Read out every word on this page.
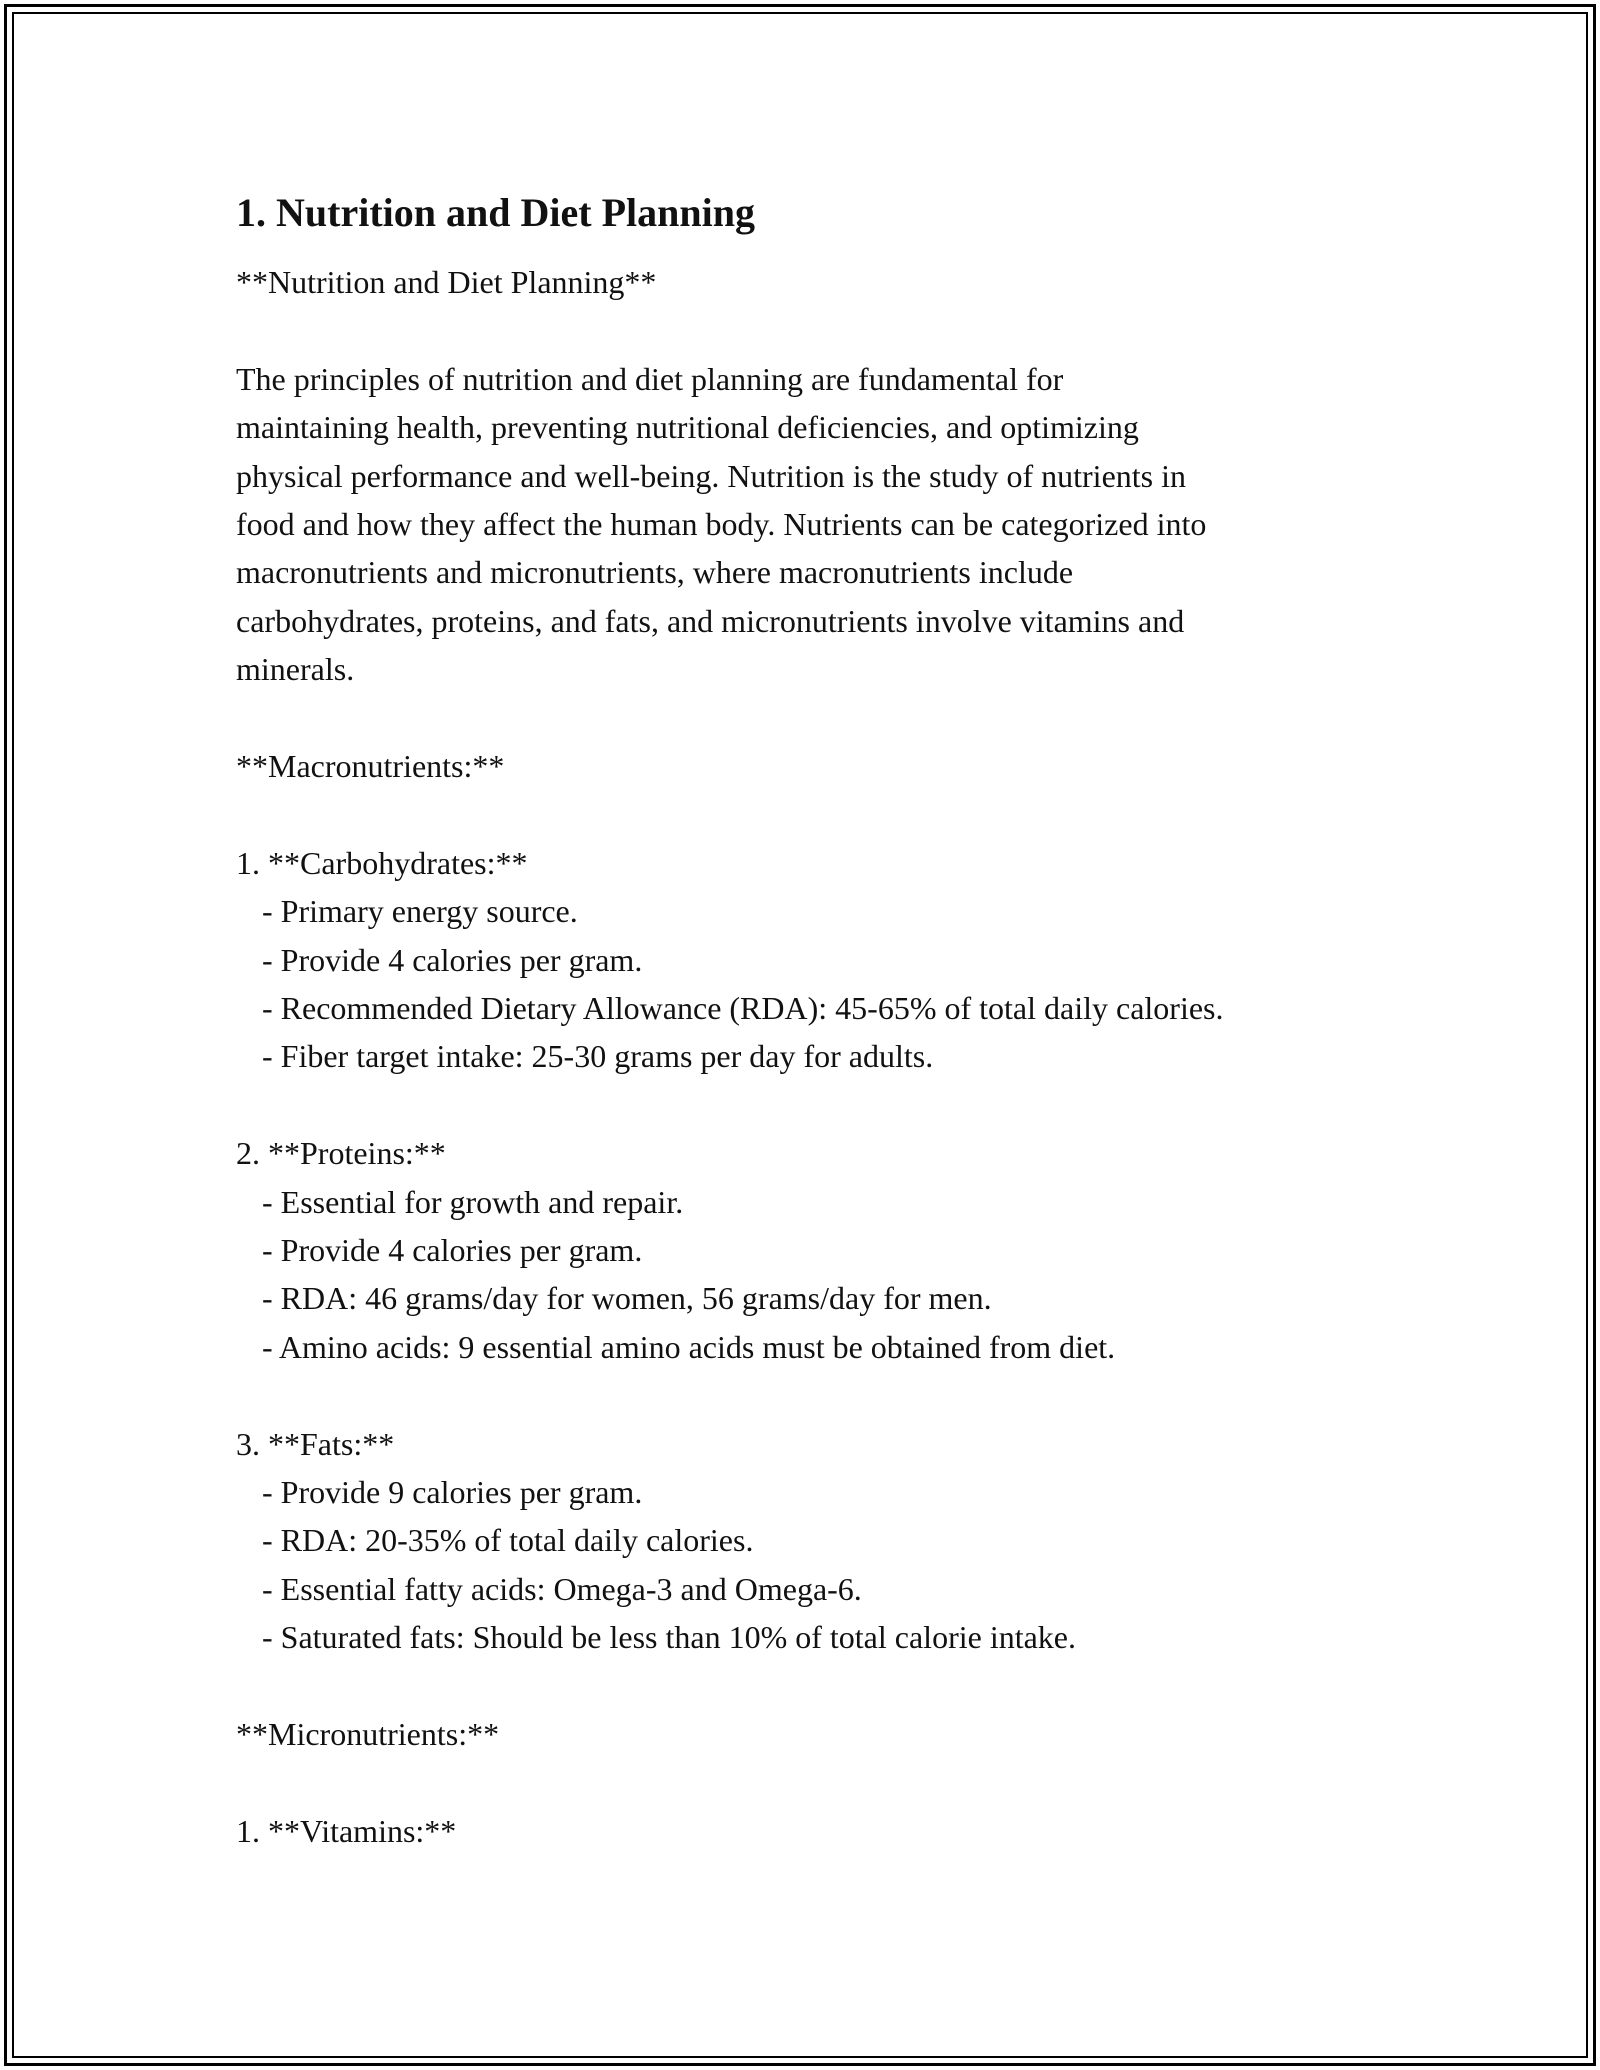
1. Nutrition and Diet Planning

**Nutrition and Diet Planning**

The principles of nutrition and diet planning are fundamental for

maintaining health, preventing nutritional deficiencies, and optimizing

physical performance and well-being. Nutrition is the study of nutrients in

food and how they affect the human body. Nutrients can be categorized into

macronutrients and micronutrients, where macronutrients include

carbohydrates, proteins, and fats, and micronutrients involve vitamins and

minerals.

**Macronutrients:**

1. **Carbohydrates:**

- Primary energy source.

- Provide 4 calories per gram.

- Recommended Dietary Allowance (RDA): 45-65% of total daily calories.

- Fiber target intake: 25-30 grams per day for adults.

2. **Proteins:**

- Essential for growth and repair.

- Provide 4 calories per gram.

- RDA: 46 grams/day for women, 56 grams/day for men.

- Amino acids: 9 essential amino acids must be obtained from diet.

3. **Fats:**

- Provide 9 calories per gram.

- RDA: 20-35% of total daily calories.

- Essential fatty acids: Omega-3 and Omega-6.

- Saturated fats: Should be less than 10% of total calorie intake.

**Micronutrients:**

1. **Vitamins:**
